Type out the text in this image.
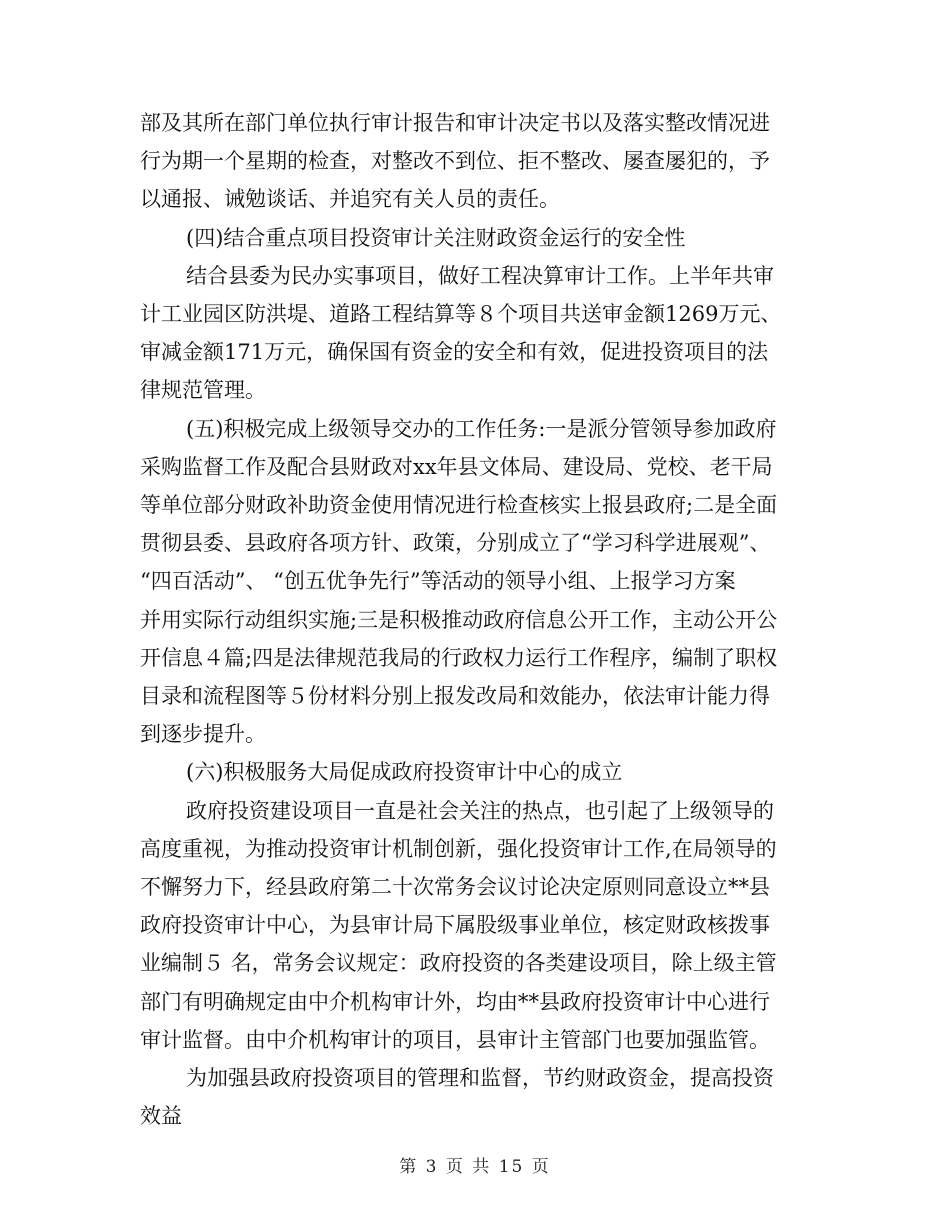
部及其所在部门单位执行审计报告和审计决定书以及落实整改情况进
行为期一个星期的检查，对整改不到位、拒不整改、屡查屡犯的，予
以通报、诫勉谈话、并追究有关人员的责任。

(四)结合重点项目投资审计关注财政资金运行的安全性

结合县委为民办实事项目，做好工程决算审计工作。上半年共审
计工业园区防洪堤、道路工程结算等８个项目共送审金额1269万元、
审减金额171万元，确保国有资金的安全和有效，促进投资项目的法
律规范管理。

(五)积极完成上级领导交办的工作任务:一是派分管领导参加政府
采购监督工作及配合县财政对xx年县文体局、建设局、党校、老干局
等单位部分财政补助资金使用情况进行检查核实上报县政府;二是全面
贯彻县委、县政府各项方针、政策，分别成立了“学习科学进展观”、
“四百活动”、 “创五优争先行”等活动的领导小组、上报学习方案
并用实际行动组织实施;三是积极推动政府信息公开工作，主动公开公
开信息４篇;四是法律规范我局的行政权力运行工作程序，编制了职权
目录和流程图等５份材料分别上报发改局和效能办，依法审计能力得
到逐步提升。

(六)积极服务大局促成政府投资审计中心的成立

政府投资建设项目一直是社会关注的热点，也引起了上级领导的
高度重视，为推动投资审计机制创新，强化投资审计工作,在局领导的
不懈努力下，经县政府第二十次常务会议讨论决定原则同意设立**县
政府投资审计中心，为县审计局下属股级事业单位，核定财政核拨事
业编制５ 名，常务会议规定：政府投资的各类建设项目，除上级主管
部门有明确规定由中介机构审计外，均由**县政府投资审计中心进行
审计监督。由中介机构审计的项目，县审计主管部门也要加强监管。

为加强县政府投资项目的管理和监督，节约财政资金，提高投资
效益

第 3 页 共 15 页
